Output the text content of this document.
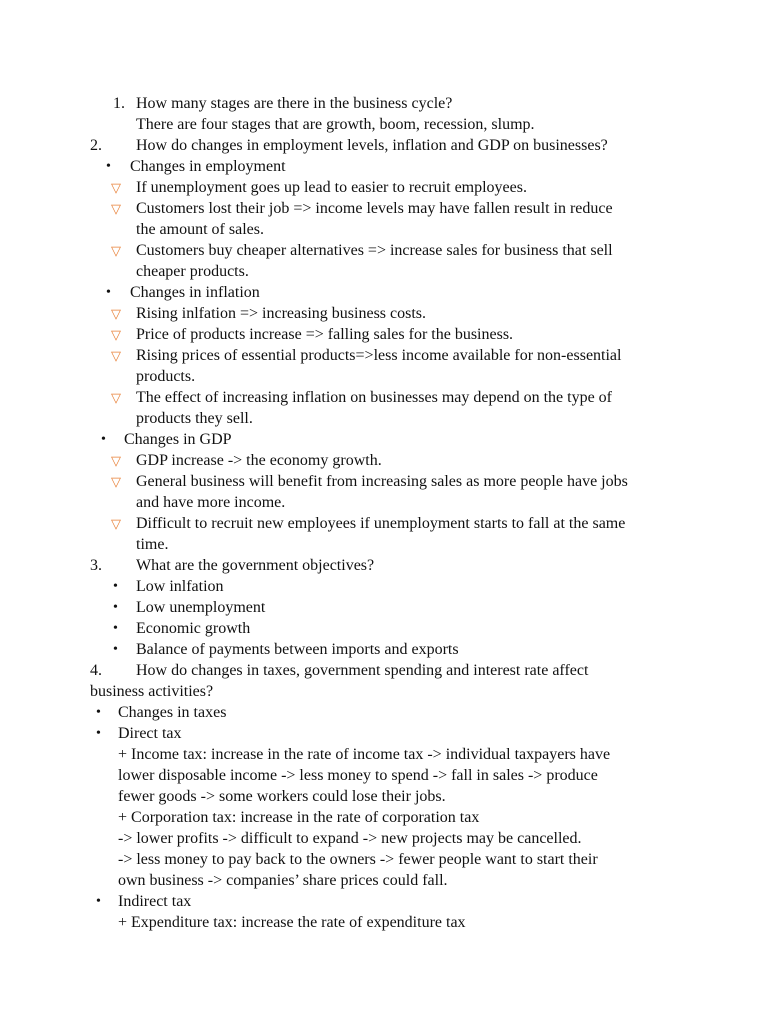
1. How many stages are there in the business cycle?
There are four stages that are growth, boom, recession, slump.
2. How do changes in employment levels, inflation and GDP on businesses?
• Changes in employment
▽ If unemployment goes up lead to easier to recruit employees.
▽ Customers lost their job => income levels may have fallen result in reduce
the amount of sales.
▽ Customers buy cheaper alternatives => increase sales for business that sell
cheaper products.
• Changes in inflation
▽ Rising inlfation => increasing business costs.
▽ Price of products increase => falling sales for the business.
▽ Rising prices of essential products=>less income available for non-essential
products.
▽ The effect of increasing inflation on businesses may depend on the type of
products they sell.
• Changes in GDP
▽ GDP increase -> the economy growth.
▽ General business will benefit from increasing sales as more people have jobs
and have more income.
▽ Difficult to recruit new employees if unemployment starts to fall at the same
time.
3. What are the government objectives?
• Low inlfation
• Low unemployment
• Economic growth
• Balance of payments between imports and exports
4. How do changes in taxes, government spending and interest rate affect
business activities?
• Changes in taxes
• Direct tax
+ Income tax: increase in the rate of income tax -> individual taxpayers have
lower disposable income -> less money to spend -> fall in sales -> produce
fewer goods -> some workers could lose their jobs.
+ Corporation tax: increase in the rate of corporation tax
-> lower profits -> difficult to expand -> new projects may be cancelled.
-> less money to pay back to the owners -> fewer people want to start their
own business -> companies’ share prices could fall.
• Indirect tax
+ Expenditure tax: increase the rate of expenditure tax
